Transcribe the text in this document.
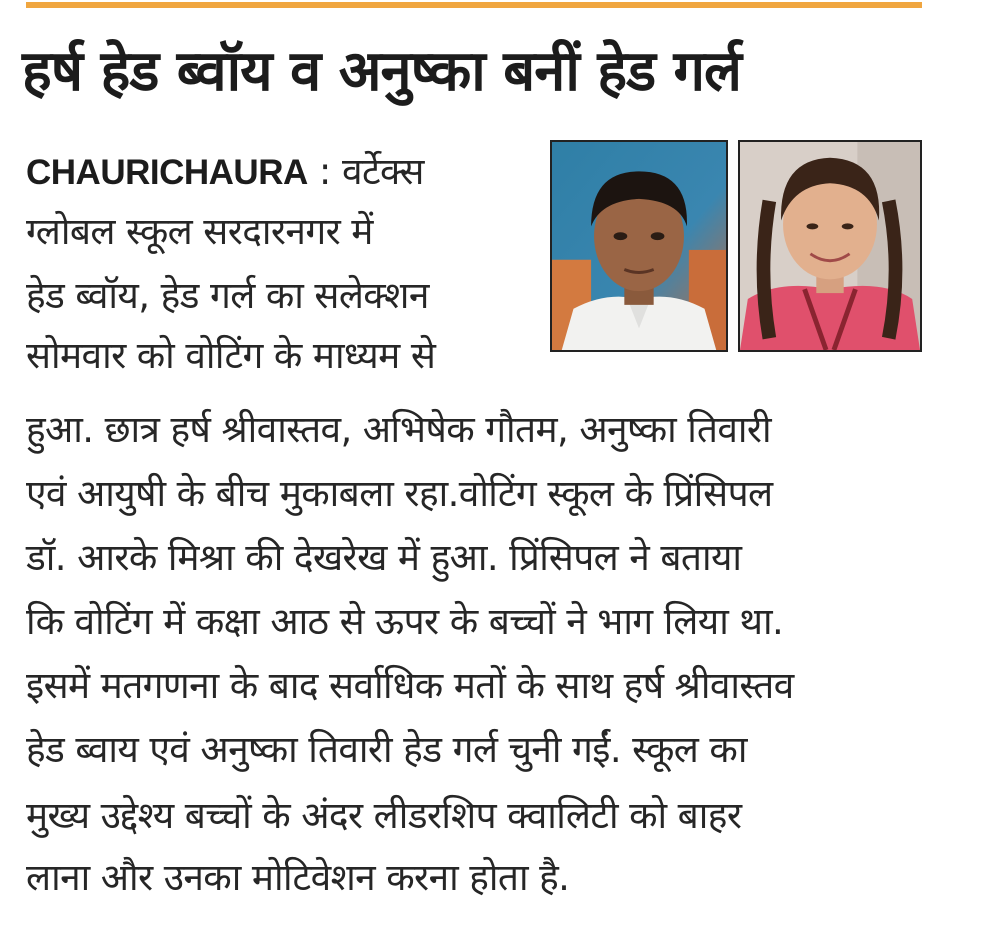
हर्ष हेड ब्वॉय व अनुष्का बनीं हेड गर्ल
CHAURICHAURA : वर्टेक्स
ग्लोबल स्कूल सरदारनगर में
हेड ब्वॉय, हेड गर्ल का सलेक्शन
सोमवार को वोटिंग के माध्यम से
हुआ. छात्र हर्ष श्रीवास्तव, अभिषेक गौतम, अनुष्का तिवारी
एवं आयुषी के बीच मुकाबला रहा.वोटिंग स्कूल के प्रिंसिपल
डॉ. आरके मिश्रा की देखरेख में हुआ. प्रिंसिपल ने बताया
कि वोटिंग में कक्षा आठ से ऊपर के बच्चों ने भाग लिया था.
इसमें मतगणना के बाद सर्वाधिक मतों के साथ हर्ष श्रीवास्तव
हेड ब्वाय एवं अनुष्का तिवारी हेड गर्ल चुनी गईं. स्कूल का
मुख्य उद्देश्य बच्चों के अंदर लीडरशिप क्वालिटी को बाहर
लाना और उनका मोटिवेशन करना होता है.
